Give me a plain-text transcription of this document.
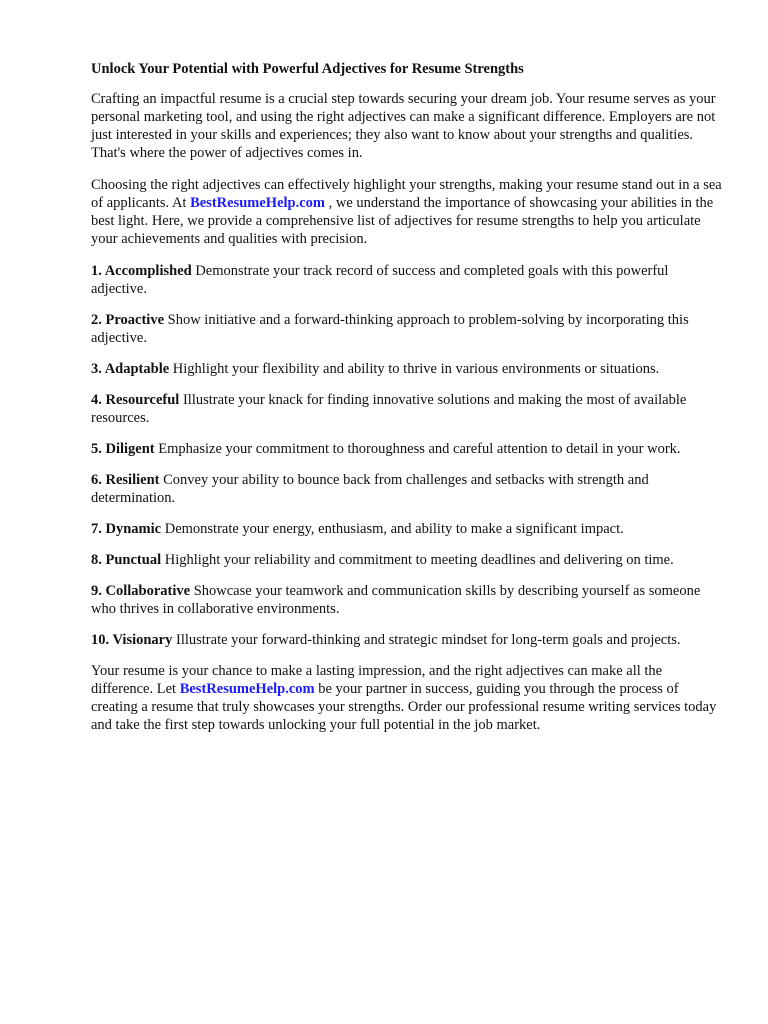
Unlock Your Potential with Powerful Adjectives for Resume Strengths

Crafting an impactful resume is a crucial step towards securing your dream job. Your resume serves as your personal marketing tool, and using the right adjectives can make a significant difference. Employers are not just interested in your skills and experiences; they also want to know about your strengths and qualities. That's where the power of adjectives comes in.

Choosing the right adjectives can effectively highlight your strengths, making your resume stand out in a sea of applicants. At BestResumeHelp.com , we understand the importance of showcasing your abilities in the best light. Here, we provide a comprehensive list of adjectives for resume strengths to help you articulate your achievements and qualities with precision.

1. Accomplished Demonstrate your track record of success and completed goals with this powerful adjective.

2. Proactive Show initiative and a forward-thinking approach to problem-solving by incorporating this adjective.

3. Adaptable Highlight your flexibility and ability to thrive in various environments or situations.

4. Resourceful Illustrate your knack for finding innovative solutions and making the most of available resources.

5. Diligent Emphasize your commitment to thoroughness and careful attention to detail in your work.

6. Resilient Convey your ability to bounce back from challenges and setbacks with strength and determination.

7. Dynamic Demonstrate your energy, enthusiasm, and ability to make a significant impact.

8. Punctual Highlight your reliability and commitment to meeting deadlines and delivering on time.

9. Collaborative Showcase your teamwork and communication skills by describing yourself as someone who thrives in collaborative environments.

10. Visionary Illustrate your forward-thinking and strategic mindset for long-term goals and projects.

Your resume is your chance to make a lasting impression, and the right adjectives can make all the difference. Let BestResumeHelp.com be your partner in success, guiding you through the process of creating a resume that truly showcases your strengths. Order our professional resume writing services today and take the first step towards unlocking your full potential in the job market.
